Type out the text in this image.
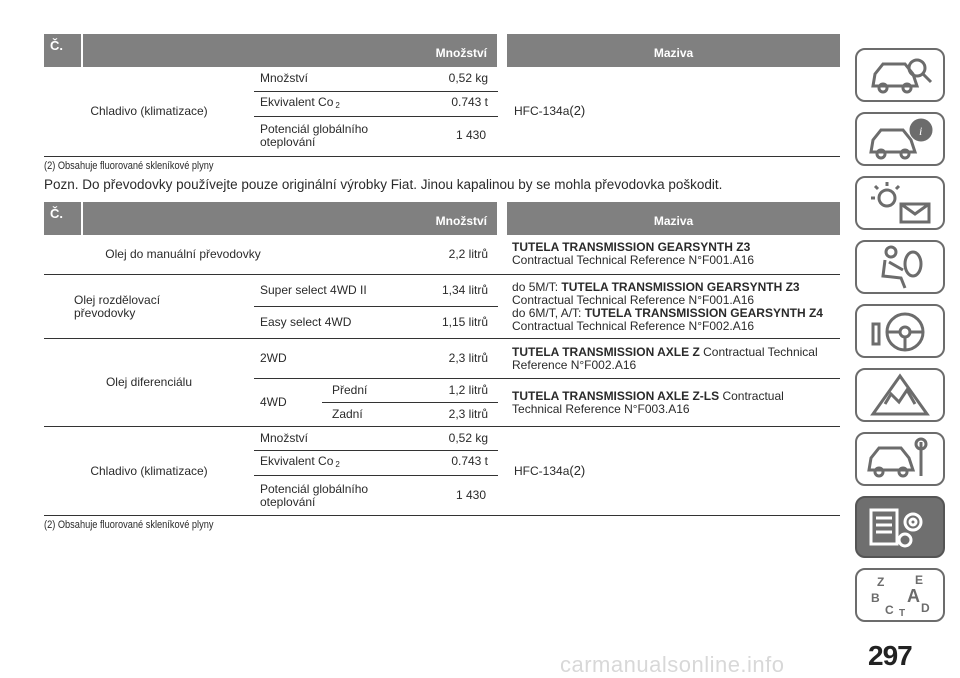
Č.	Množství			Maziva
Chladivo (klimatizace)		Množství 0,52 kg		HFC-134a(2)
		Ekvivalent Co $_2$ 0.743 t		

		Potenciál globálního oteplování 1 430		
(2) Obsahuje fluorované skleníkové plyny
Pozn. Do převodovky používejte pouze originální výrobky Fiat. Jinou kapalinou by se mohla převodovka poškodit.
Č.	Množství				Maziva
Olej do manuální převodovky			2,2 litrů		TUTELA TRANSMISSION GEARSYNTH Z3
Contractual Technical Reference N°F001.A16
Olej rozdělovací převodovky		Super select 4WD II 1,34 litrů			do 5M/T: TUTELA TRANSMISSION GEARSYNTH Z3
Contractual Technical Reference N°F001.A16
do 6M/T, A/T: TUTELA TRANSMISSION GEARSYNTH Z4 Contractual Technical Reference N°F002.A16
		Easy select 4WD 1,15 litrů			

Olej diferenciálu		2WD 2,3 litrů			TUTELA TRANSMISSION AXLE Z Contractual Technical Reference N°F002.A16
		4WD	Přední 1,2 litrů		TUTELA TRANSMISSION AXLE Z-LS Contractual Technical Reference N°F003.A16
			Zadní 2,3 litrů		

Chladivo (klimatizace)		Množství 0,52 kg			HFC-134a(2)
		Ekvivalent Co $_2$ 0.743 t			

		Potenciál globálního oteplování 1 430			
(2) Obsahuje fluorované skleníkové plyny
i
Z	E
B A
C D
T
carmanualsonline.info	297
